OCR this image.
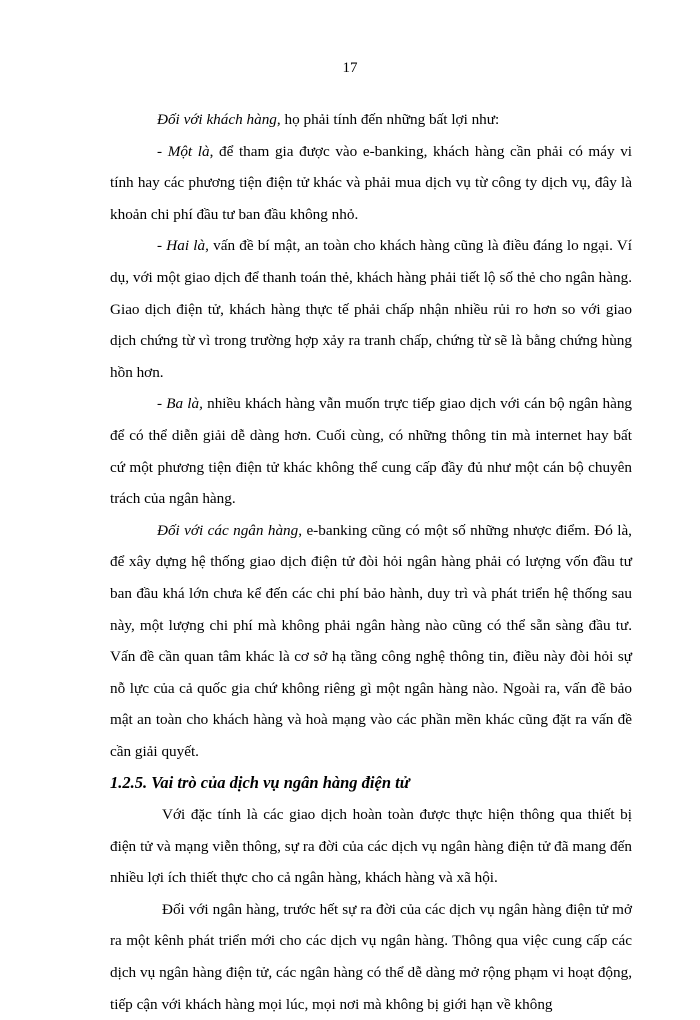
17

Đối với khách hàng, họ phải tính đến những bất lợi như:

- Một là, để tham gia được vào e-banking, khách hàng cần phải có máy vi tính hay các phương tiện điện tử khác và phải mua dịch vụ từ công ty dịch vụ, đây là khoản chi phí đầu tư ban đầu không nhỏ.

- Hai là, vấn đề bí mật, an toàn cho khách hàng cũng là điều đáng lo ngại. Ví dụ, với một giao dịch để thanh toán thẻ, khách hàng phải tiết lộ số thẻ cho ngân hàng. Giao dịch điện tử, khách hàng thực tế phải chấp nhận nhiều rủi ro hơn so với giao dịch chứng từ vì trong trường hợp xảy ra tranh chấp, chứng từ sẽ là bằng chứng hùng hồn hơn.

- Ba là, nhiều khách hàng vẫn muốn trực tiếp giao dịch với cán bộ ngân hàng để có thể diễn giải dễ dàng hơn. Cuối cùng, có những thông tin mà internet hay bất cứ một phương tiện điện tử khác không thể cung cấp đầy đủ như một cán bộ chuyên trách của ngân hàng.

Đối với các ngân hàng, e-banking cũng có một số những nhược điểm. Đó là, để xây dựng hệ thống giao dịch điện tử đòi hỏi ngân hàng phải có lượng vốn đầu tư ban đầu khá lớn chưa kể đến các chi phí bảo hành, duy trì và phát triển hệ thống sau này, một lượng chi phí mà không phải ngân hàng nào cũng có thể sẵn sàng đầu tư. Vấn đề cần quan tâm khác là cơ sở hạ tầng công nghệ thông tin, điều này đòi hỏi sự nỗ lực của cả quốc gia chứ không riêng gì một ngân hàng nào. Ngoài ra, vấn đề bảo mật an toàn cho khách hàng và hoà mạng vào các phần mền khác cũng đặt ra vấn đề cần giải quyết.

1.2.5. Vai trò của dịch vụ ngân hàng điện tử

Với đặc tính là các giao dịch hoàn toàn được thực hiện thông qua thiết bị điện tử và mạng viễn thông, sự ra đời của các dịch vụ ngân hàng điện tử đã mang đến nhiều lợi ích thiết thực cho cả ngân hàng, khách hàng và xã hội.

Đối với ngân hàng, trước hết sự ra đời của các dịch vụ ngân hàng điện tử mở ra một kênh phát triển mới cho các dịch vụ ngân hàng. Thông qua việc cung cấp các dịch vụ ngân hàng điện tử, các ngân hàng có thể dễ dàng mở rộng phạm vi hoạt động, tiếp cận với khách hàng mọi lúc, mọi nơi mà không bị giới hạn về không
